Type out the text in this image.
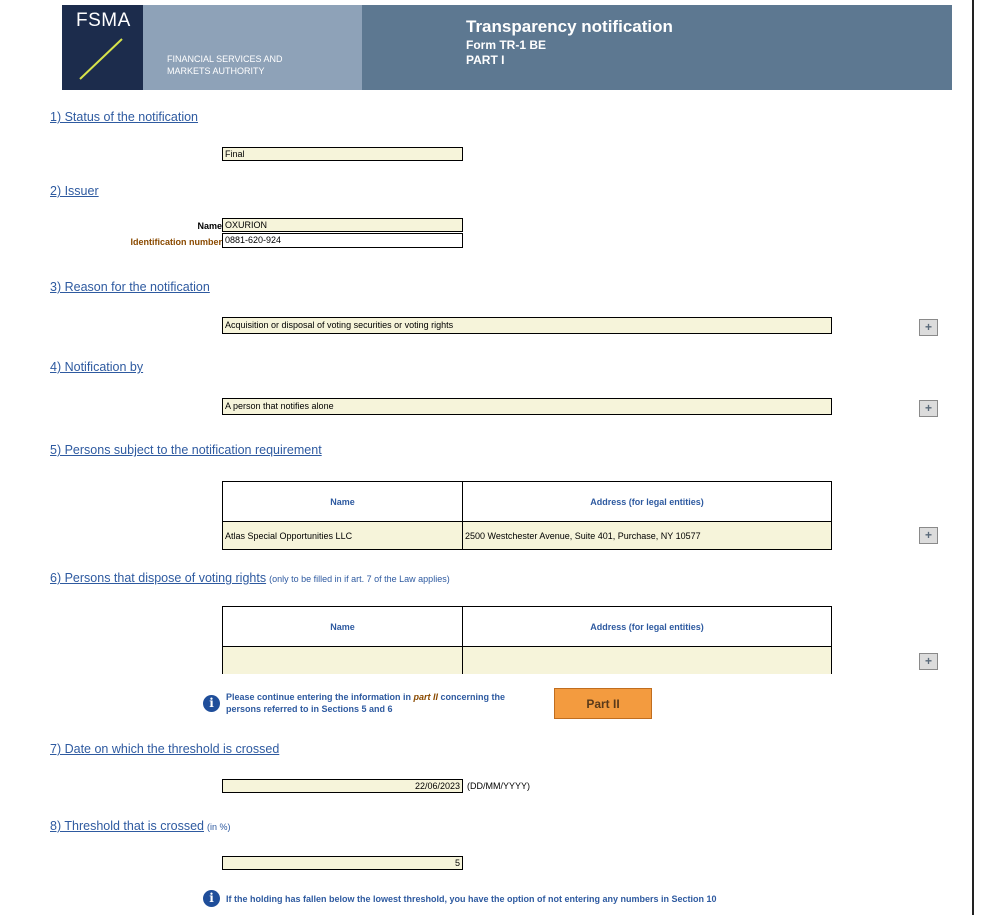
FSMA
FINANCIAL SERVICES AND
MARKETS AUTHORITY
Transparency notification
Form TR-1 BE
PART I
1) Status of the notification
Final
2) Issuer
Name OXURION
Identification number 0881-620-924
3) Reason for the notification
Acquisition or disposal of voting securities or voting rights	+
4) Notification by
A person that notifies alone	+
5) Persons subject to the notification requirement
Name	Address (for legal entities)
Atlas Special Opportunities LLC	2500 Westchester Avenue, Suite 401, Purchase, NY 10577	+
6) Persons that dispose of voting rights (only to be filled in if art. 7 of the Law applies)
Name	Address (for legal entities)
+
i	Please continue entering the information in part II concerning the
persons referred to in Sections 5 and 6	Part II
7) Date on which the threshold is crossed
22/06/2023 (DD/MM/YYYY)
8) Threshold that is crossed (in %)
5
i	If the holding has fallen below the lowest threshold, you have the option of not entering any numbers in Section 10
